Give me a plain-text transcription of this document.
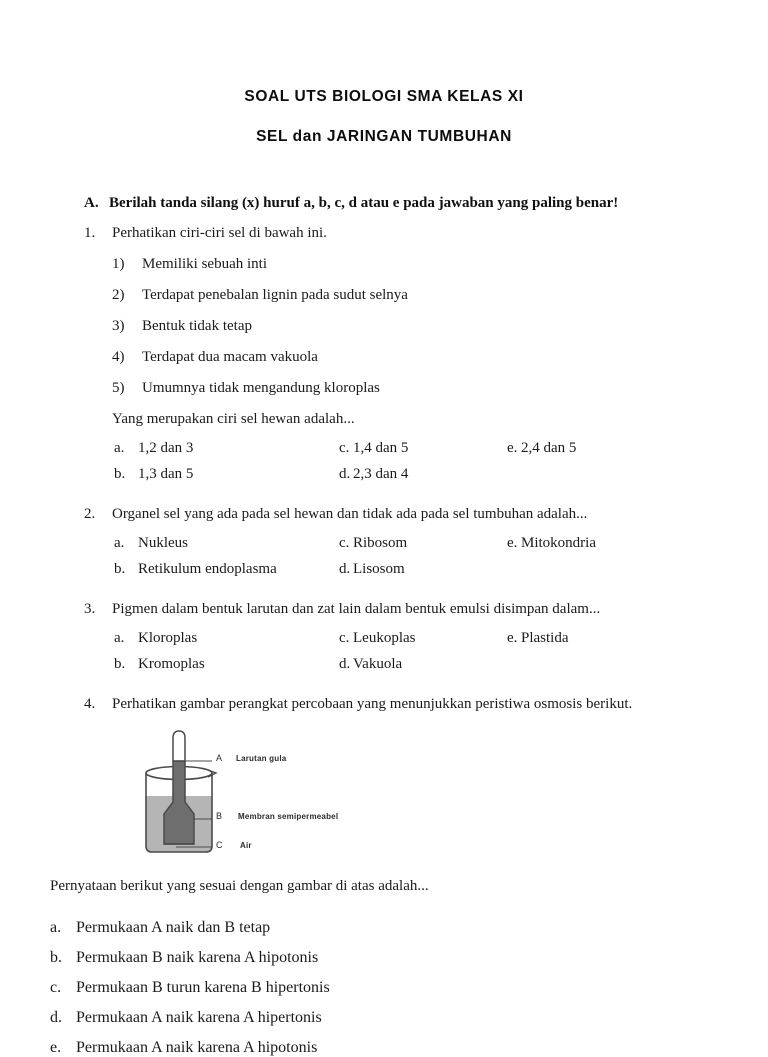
SOAL UTS BIOLOGI SMA KELAS XI
SEL dan JARINGAN TUMBUHAN
A. Berilah tanda silang (x) huruf a, b, c, d atau e pada jawaban yang paling benar!
1.	Perhatikan ciri-ciri sel di bawah ini.
1)	Memiliki sebuah inti
2)	Terdapat penebalan lignin pada sudut selnya
3)	Bentuk tidak tetap
4)	Terdapat dua macam vakuola
5)	Umumnya tidak mengandung kloroplas
Yang merupakan ciri sel hewan adalah...
a. 1,2 dan 3	c. 1,4 dan 5	e. 2,4 dan 5
b. 1,3 dan 5	d. 2,3 dan 4
2.	Organel sel yang ada pada sel hewan dan tidak ada pada sel tumbuhan adalah...
a. Nukleus	c. Ribosom	e. Mitokondria
b. Retikulum endoplasma	d. Lisosom
3.	Pigmen dalam bentuk larutan dan zat lain dalam bentuk emulsi disimpan dalam...
a. Kloroplas	c. Leukoplas	e. Plastida
b. Kromoplas	d. Vakuola
4.	Perhatikan gambar perangkat percobaan yang menunjukkan peristiwa osmosis berikut.
A
B
C
Larutan gula
Membran semipermeabel
Air
Pernyataan berikut yang sesuai dengan gambar di atas adalah...
a. Permukaan A naik dan B tetap
b. Permukaan B naik karena A hipotonis
c. Permukaan B turun karena B hipertonis
d. Permukaan A naik karena A hipertonis
e. Permukaan A naik karena A hipotonis
